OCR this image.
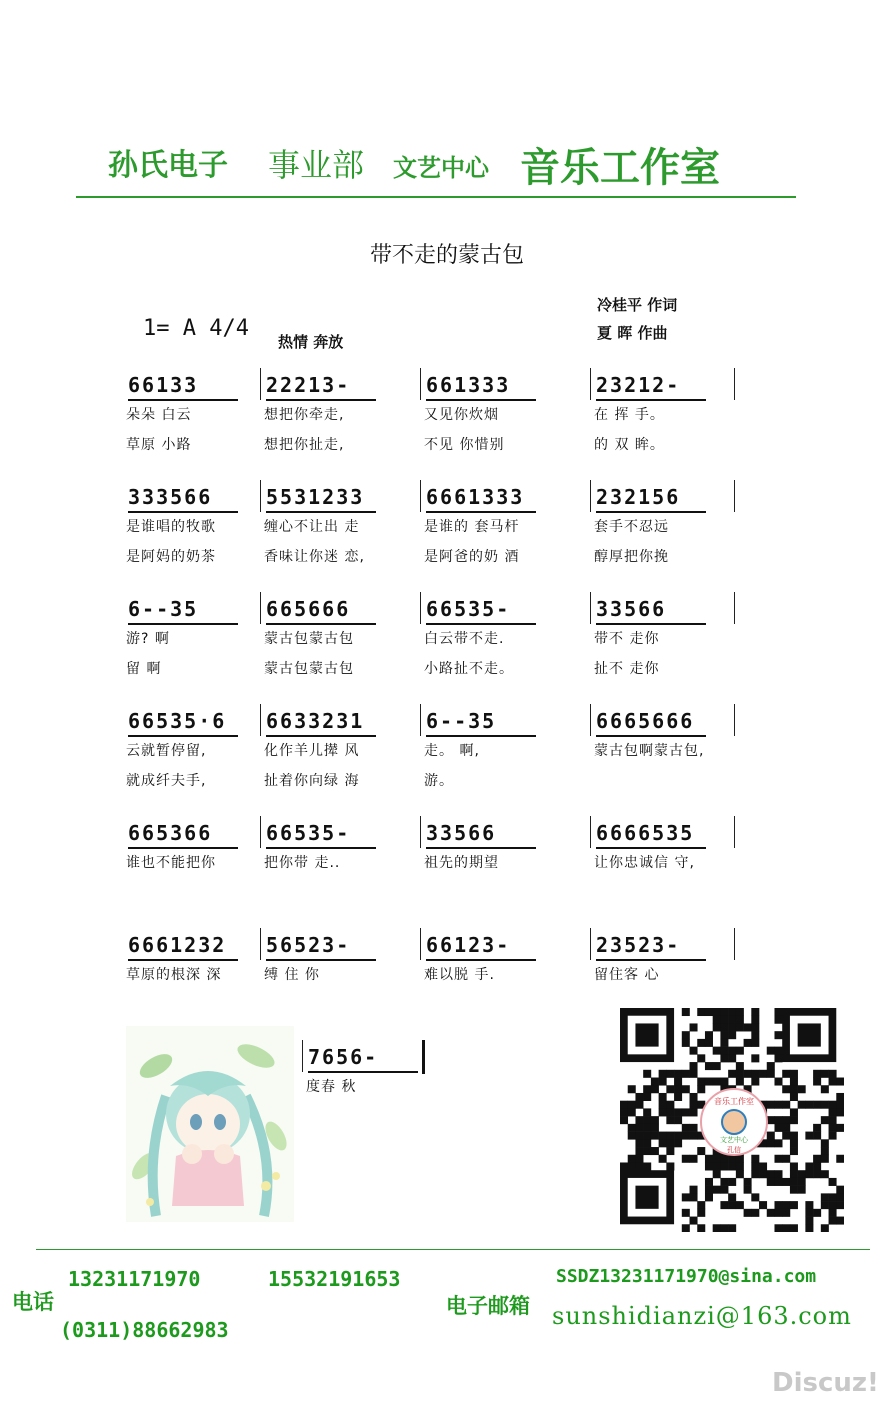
孙氏电子 事业部 文艺中心 音乐工作室
带不走的蒙古包
1= A 4/4
热情 奔放
冷桂平 作词
夏 晖 作曲
66133
朵朵 白云
草原 小路
22213-
想把你牵走,
想把你扯走,
661333
又见你炊烟
不见 你惜别
23212-
在 挥 手。
的 双 眸。
333566
是谁唱的牧歌
是阿妈的奶茶
5531233
缠心不让出 走
香味让你迷 恋,
6661333
是谁的 套马杆
是阿爸的奶 酒
232156
套手不忍远
醇厚把你挽
6--35
游? 啊
留 啊
665666
蒙古包蒙古包
蒙古包蒙古包
66535-
白云带不走.
小路扯不走。
33566
带不 走你
扯不 走你
66535·6
云就暂停留,
就成纤夫手,
6633231
化作羊儿撵 风
扯着你向绿 海
6--35
走。 啊,
游。
6665666
蒙古包啊蒙古包,
665366
谁也不能把你
66535-
把你带 走..
33566
祖先的期望
6666535
让你忠诚信 守,
6661232
草原的根深 深
56523-
缚 住 你
66123-
难以脱 手.
23523-
留住客 心
7656-
度春 秋
音乐工作室
文艺中心
孔信
13231171970	15532191653
电话
(0311)88662983
电子邮箱
SSDZ13231171970@sina.com
sunshidianzi@163.com
Discuz!
